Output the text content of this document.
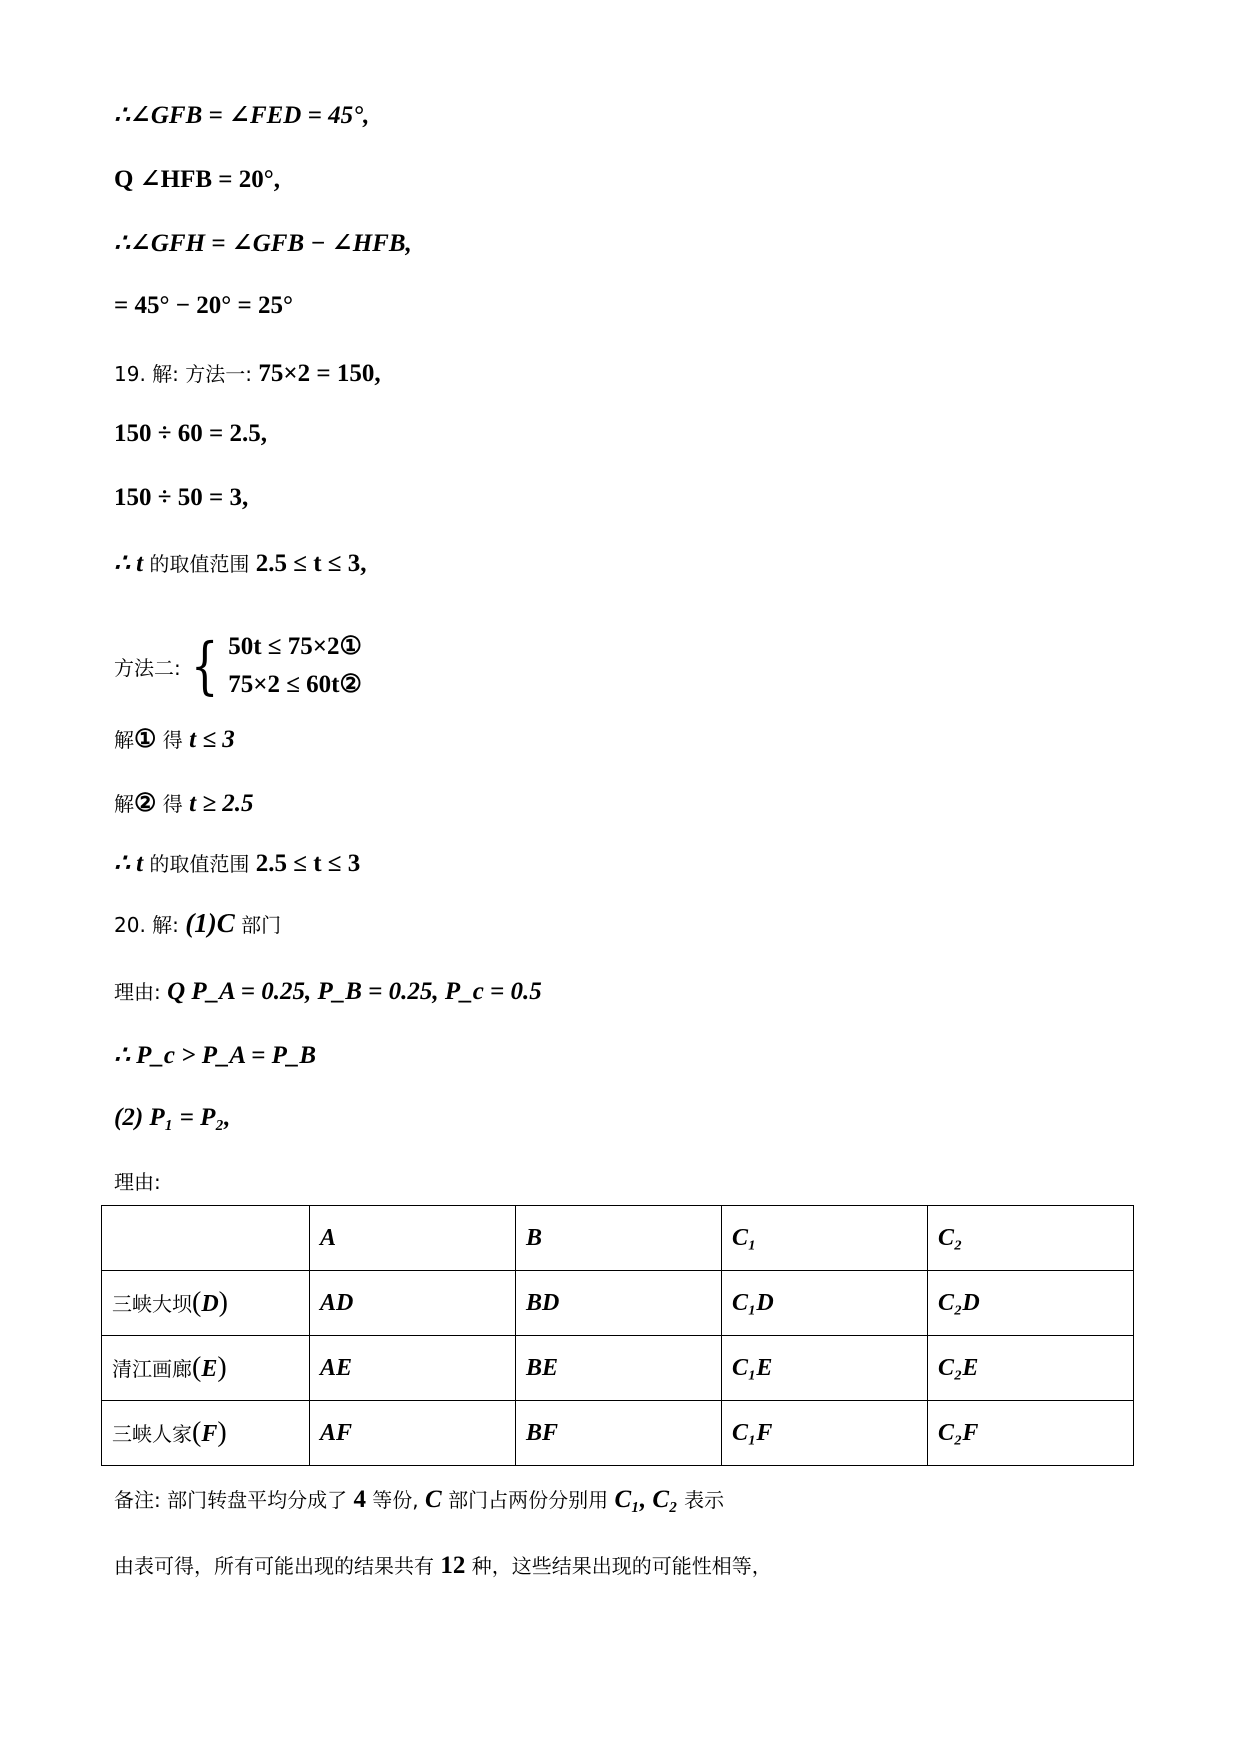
∴∠GFB = ∠FED = 45°,
Q ∠HFB = 20°,
∴∠GFH = ∠GFB − ∠HFB,
= 45° − 20° = 25°
19. 解: 方法一: 75×2 = 150,
150 ÷ 60 = 2.5,
150 ÷ 50 = 3,
∴ t 的取值范围 2.5 ≤ t ≤ 3,
方法二: { 50t ≤ 75×2①
75×2 ≤ 60t②
解① 得 t ≤ 3
解② 得 t ≥ 2.5
∴ t 的取值范围 2.5 ≤ t ≤ 3
20. 解: (1)C 部门
理由: Q P_A = 0.25, P_B = 0.25, P_c = 0.5
∴ P_c > P_A = P_B
(2) P₁ = P₂,
理由:
	A	B	C₁	C₂
三峡大坝(D)	AD	BD	C₁D	C₂D
清江画廊(E)	AE	BE	C₁E	C₂E
三峡人家(F)	AF	BF	C₁F	C₂F
备注: 部门转盘平均分成了 4 等份, C 部门占两份分别用 C₁, C₂ 表示
由表可得，所有可能出现的结果共有 12 种，这些结果出现的可能性相等，
